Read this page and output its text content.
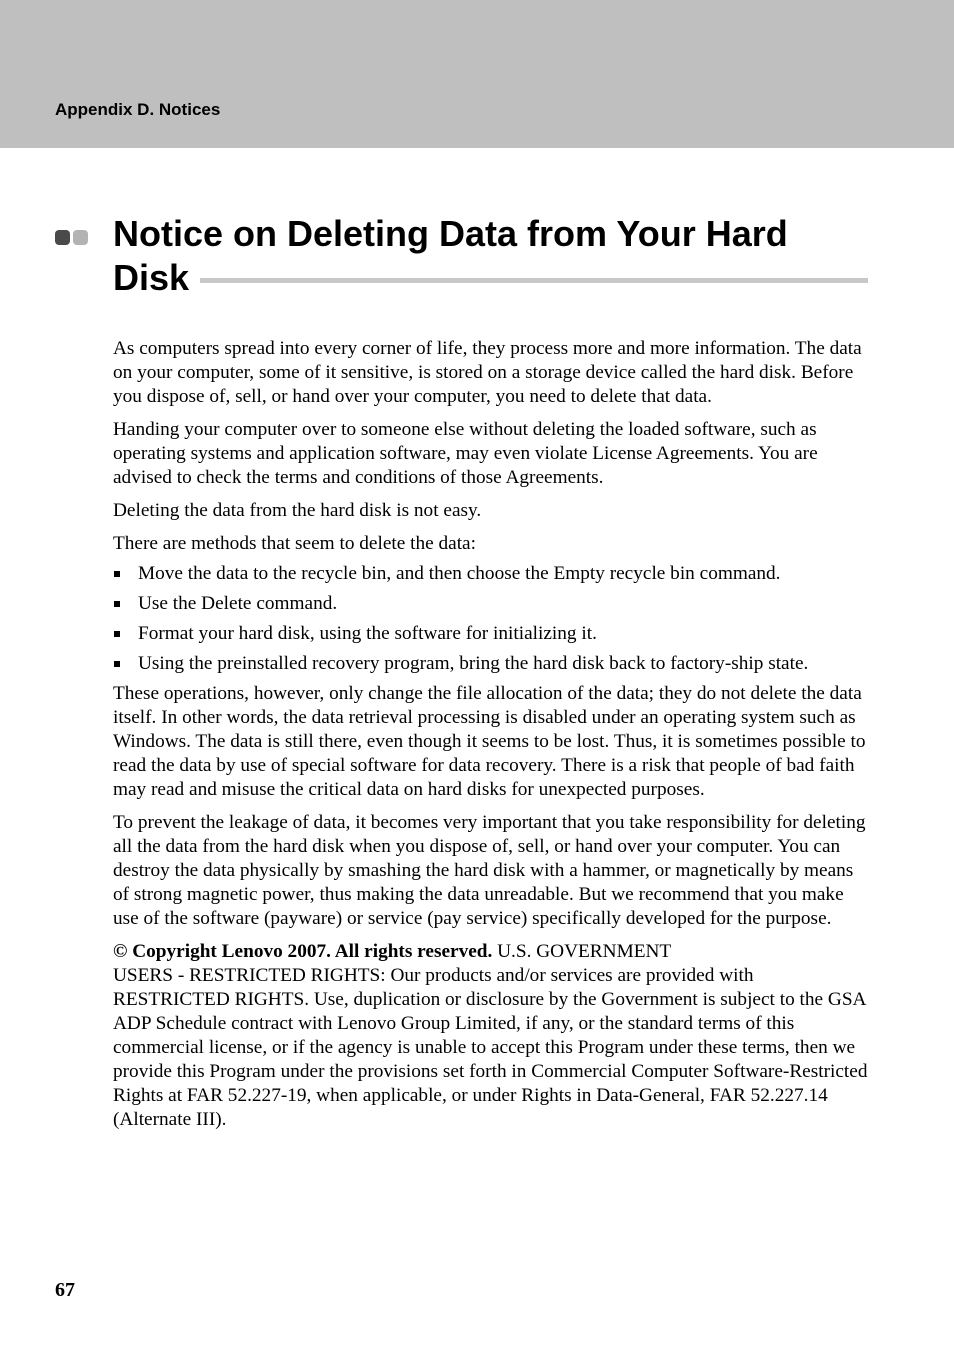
Appendix D. Notices
Notice on Deleting Data from Your Hard Disk

As computers spread into every corner of life, they process more and more information. The data on your computer, some of it sensitive, is stored on a storage device called the hard disk. Before you dispose of, sell, or hand over your computer, you need to delete that data.

Handing your computer over to someone else without deleting the loaded software, such as operating systems and application software, may even violate License Agreements. You are advised to check the terms and conditions of those Agreements.

Deleting the data from the hard disk is not easy.

There are methods that seem to delete the data:

Move the data to the recycle bin, and then choose the Empty recycle bin command.
Use the Delete command.
Format your hard disk, using the software for initializing it.
Using the preinstalled recovery program, bring the hard disk back to factory-ship state.

These operations, however, only change the file allocation of the data; they do not delete the data itself. In other words, the data retrieval processing is disabled under an operating system such as Windows. The data is still there, even though it seems to be lost. Thus, it is sometimes possible to read the data by use of special software for data recovery. There is a risk that people of bad faith may read and misuse the critical data on hard disks for unexpected purposes.

To prevent the leakage of data, it becomes very important that you take responsibility for deleting all the data from the hard disk when you dispose of, sell, or hand over your computer. You can destroy the data physically by smashing the hard disk with a hammer, or magnetically by means of strong magnetic power, thus making the data unreadable. But we recommend that you make use of the software (payware) or service (pay service) specifically developed for the purpose.

© Copyright Lenovo 2007. All rights reserved. U.S. GOVERNMENT
USERS - RESTRICTED RIGHTS: Our products and/or services are provided with RESTRICTED RIGHTS. Use, duplication or disclosure by the Government is subject to the GSA ADP Schedule contract with Lenovo Group Limited, if any, or the standard terms of this commercial license, or if the agency is unable to accept this Program under these terms, then we provide this Program under the provisions set forth in Commercial Computer Software-Restricted Rights at FAR 52.227-19, when applicable, or under Rights in Data-General, FAR 52.227.14 (Alternate III).

67
